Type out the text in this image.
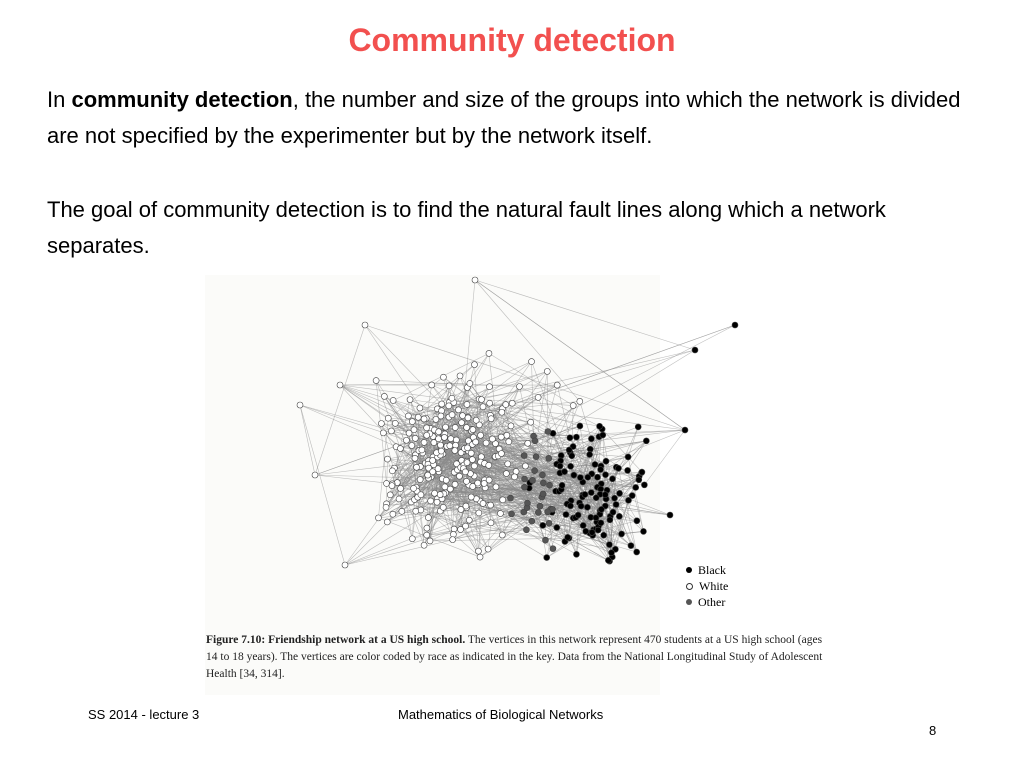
Community detection
In community detection, the number and size of the groups into which the network is divided are not specified by the experimenter but by the network itself.
The goal of community detection is to find the natural fault lines along which a network separates.
Black
White
Other
Figure 7.10: Friendship network at a US high school. The vertices in this network represent 470 students at a US high school (ages 14 to 18 years). The vertices are color coded by race as indicated in the key. Data from the National Longitudinal Study of Adolescent Health [34, 314].
SS 2014 - lecture 3	Mathematics of Biological Networks
8
